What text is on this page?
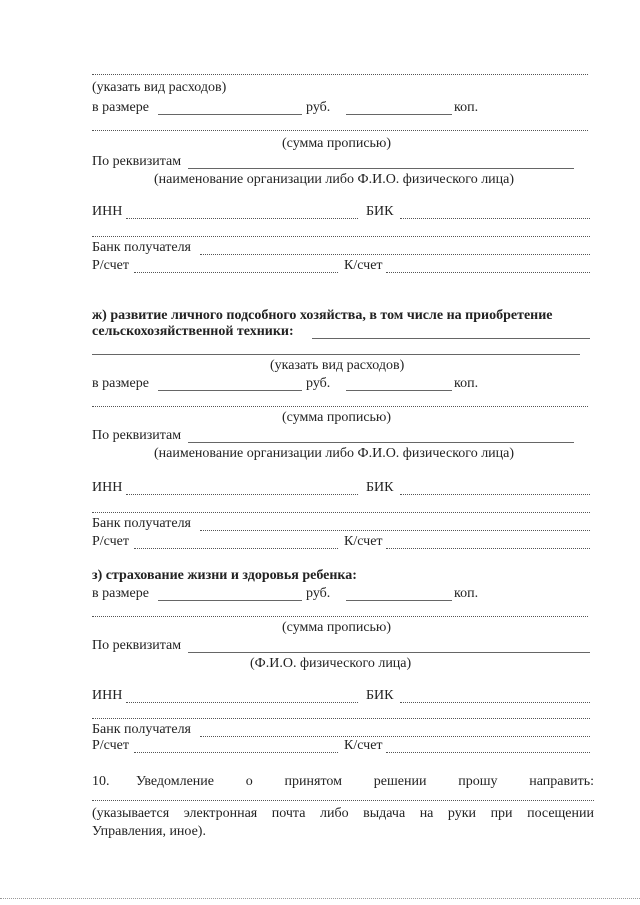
(указать вид расходов)
в размере	руб.	коп.
(сумма прописью)
По реквизитам
(наименование организации либо Ф.И.О. физического лица)
ИНН	БИК
Банк получателя
Р/счет	К/счет
ж) развитие личного подсобного хозяйства, в том числе на приобретение
сельскохозяйственной техники:
(указать вид расходов)
в размере	руб.	коп.
(сумма прописью)
По реквизитам
(наименование организации либо Ф.И.О. физического лица)
ИНН	БИК
Банк получателя
Р/счет	К/счет
з) страхование жизни и здоровья ребенка:
в размере	руб.	коп.
(сумма прописью)
По реквизитам
(Ф.И.О. физического лица)
ИНН	БИК
Банк получателя
Р/счет	К/счет
10. Уведомление о принятом решении прошу направить:
(указывается электронная почта либо выдача на руки при посещении
Управления, иное).
